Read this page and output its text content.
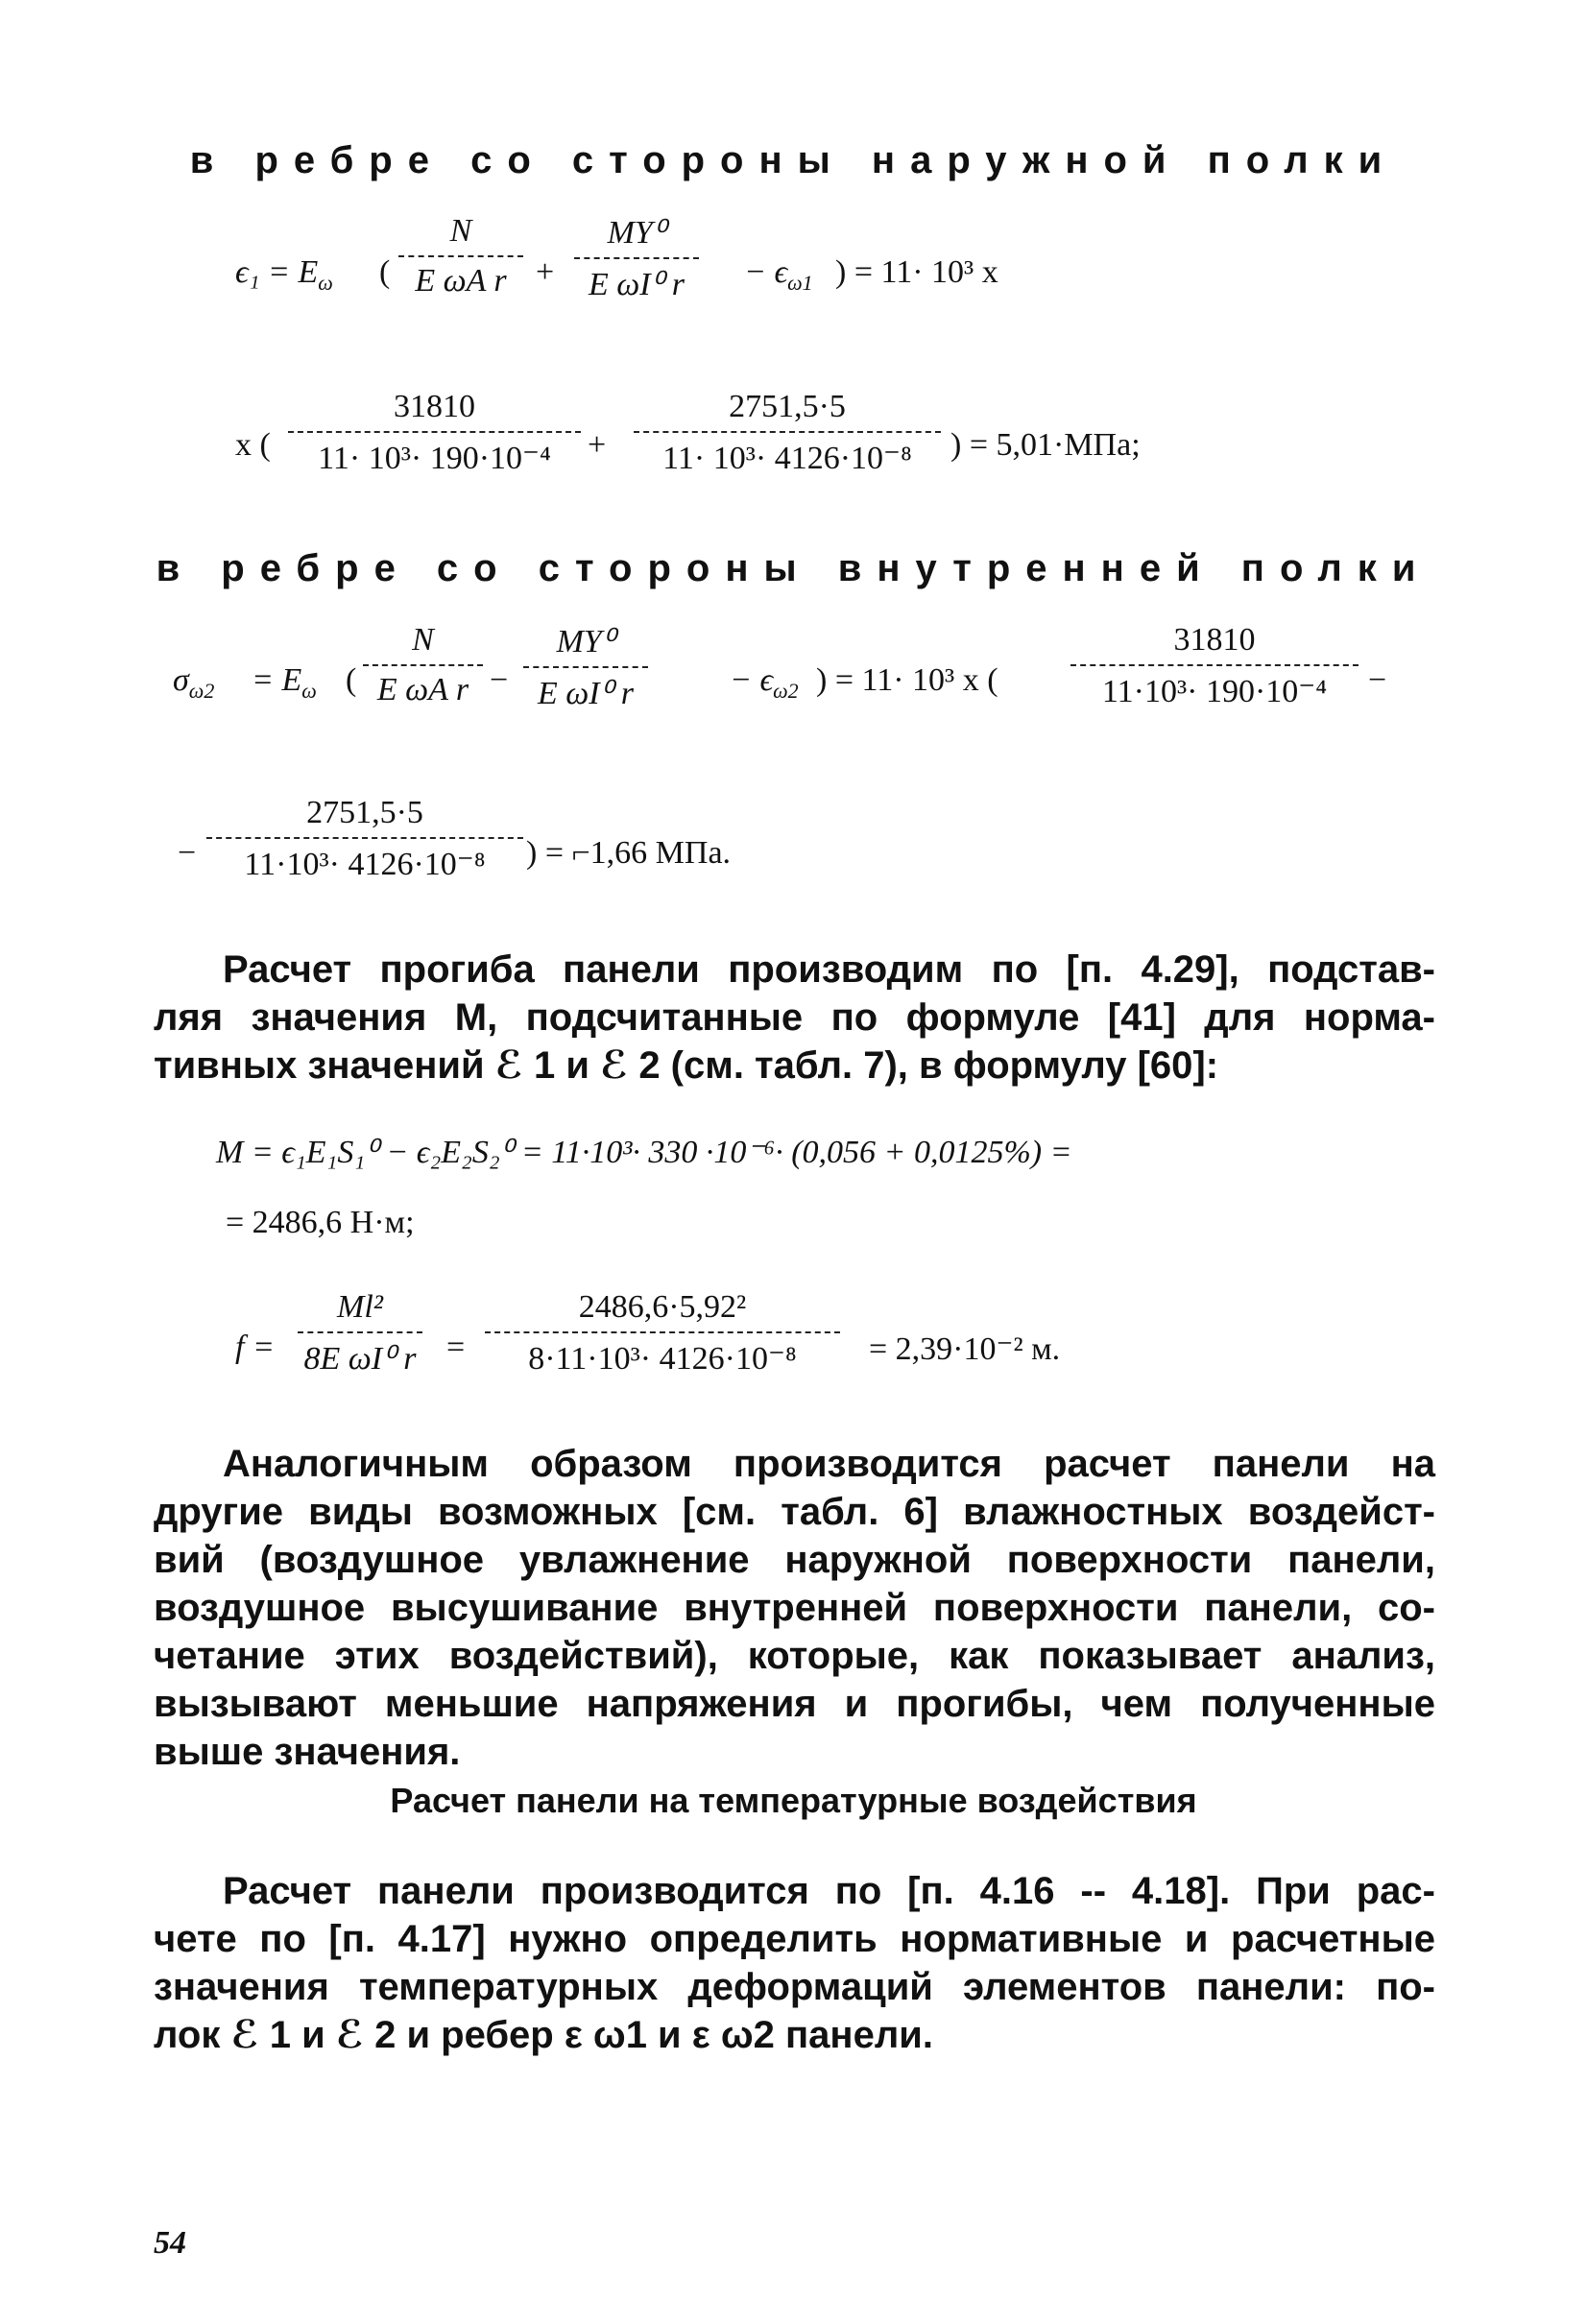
в ребре со стороны наружной полки
$\epsilon_1 = E_\omega$ (
N
E ωA r +
MY⁰
E ωI⁰ r	− $\epsilon_{\omega 1}$ ) = 11· 10³ x
x (
31810
11· 10³· 190·10⁻⁴	+
2751,5·5
11· 10³· 4126·10⁻⁸	) = 5,01·МПа;
в ребре со стороны внутренней полки
$\sigma_{\omega 2} = E_\omega$ (
N
E ωA r −
MY⁰
E ωI⁰ r	− $\epsilon_{\omega 2}$ ) = 11· 10³ x (
31810
11·10³· 190·10⁻⁴	−
−
2751,5·5
11·10³· 4126·10⁻⁸	) = ⌐1,66 МПа.
Расчет прогиба панели производим по [п. 4.29], подстав-
ляя значения M, подсчитанные по формуле [41] для норма-
тивных значений ℰ 1 и ℰ 2 (см. табл. 7), в формулу [60]:
M = ϵ₁E₁S₁⁰ − ϵ₂E₂S₂⁰ = 11·10³· 330 ·10⁻⁶· (0,056 + 0,0125%) =
= 2486,6 Н·м;
f =
Ml²
8E ωI⁰ r =
2486,6·5,92²
8·11·10³· 4126·10⁻⁸	= 2,39·10⁻² м.
Аналогичным образом производится расчет панели на
другие виды возможных [см. табл. 6] влажностных воздейст-
вий (воздушное увлажнение наружной поверхности панели,
воздушное высушивание внутренней поверхности панели, со-
четание этих воздействий), которые, как показывает анализ,
вызывают меньшие напряжения и прогибы, чем полученные
выше значения.
Расчет панели на температурные воздействия
Расчет панели производится по [п. 4.16 -- 4.18]. При рас-
чете по [п. 4.17] нужно определить нормативные и расчетные
значения температурных деформаций элементов панели: по-
лок ℰ 1 и ℰ 2 и ребер ε ω1 и ε ω2 панели.
54
